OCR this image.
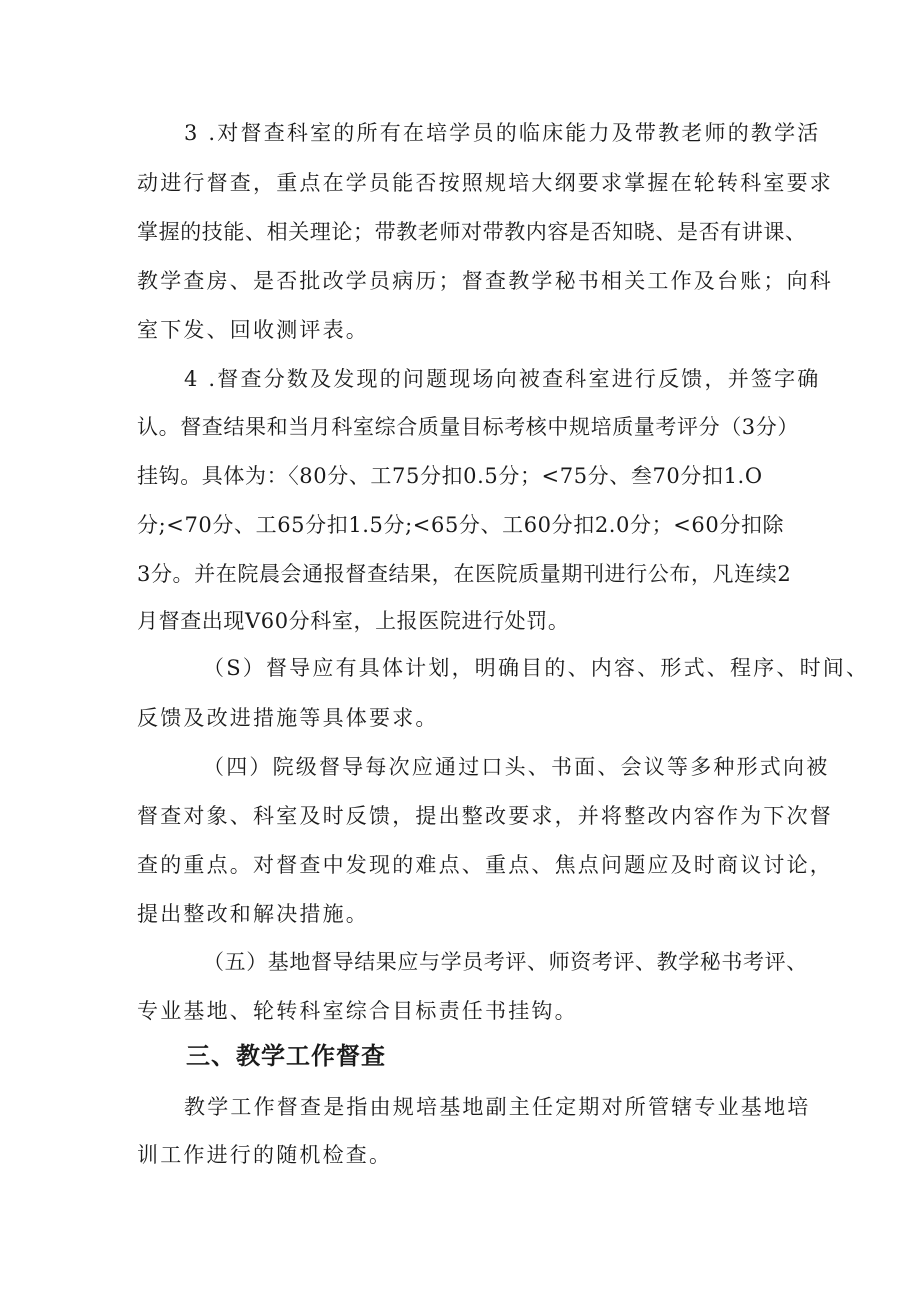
3 .对督查科室的所有在培学员的临床能力及带教老师的教学活
动进行督查，重点在学员能否按照规培大纲要求掌握在轮转科室要求
掌握的技能、相关理论；带教老师对带教内容是否知晓、是否有讲课、
教学查房、是否批改学员病历；督查教学秘书相关工作及台账；向科
室下发、回收测评表。
4 .督查分数及发现的问题现场向被查科室进行反馈，并签字确
认。督查结果和当月科室综合质量目标考核中规培质量考评分（3分）
挂钩。具体为：〈80分、工75分扣0.5分；<75分、叁70分扣1.O
分;<70分、工65分扣1.5分;<65分、工60分扣2.0分；<60分扣除
3分。并在院晨会通报督查结果，在医院质量期刊进行公布，凡连续2
月督查出现V60分科室，上报医院进行处罚。
（S）督导应有具体计划，明确目的、内容、形式、程序、时间、
反馈及改进措施等具体要求。
（四）院级督导每次应通过口头、书面、会议等多种形式向被
督查对象、科室及时反馈，提出整改要求，并将整改内容作为下次督
查的重点。对督查中发现的难点、重点、焦点问题应及时商议讨论，
提出整改和解决措施。
（五）基地督导结果应与学员考评、师资考评、教学秘书考评、
专业基地、轮转科室综合目标责任书挂钩。
三、教学工作督查
教学工作督查是指由规培基地副主任定期对所管辖专业基地培
训工作进行的随机检查。
